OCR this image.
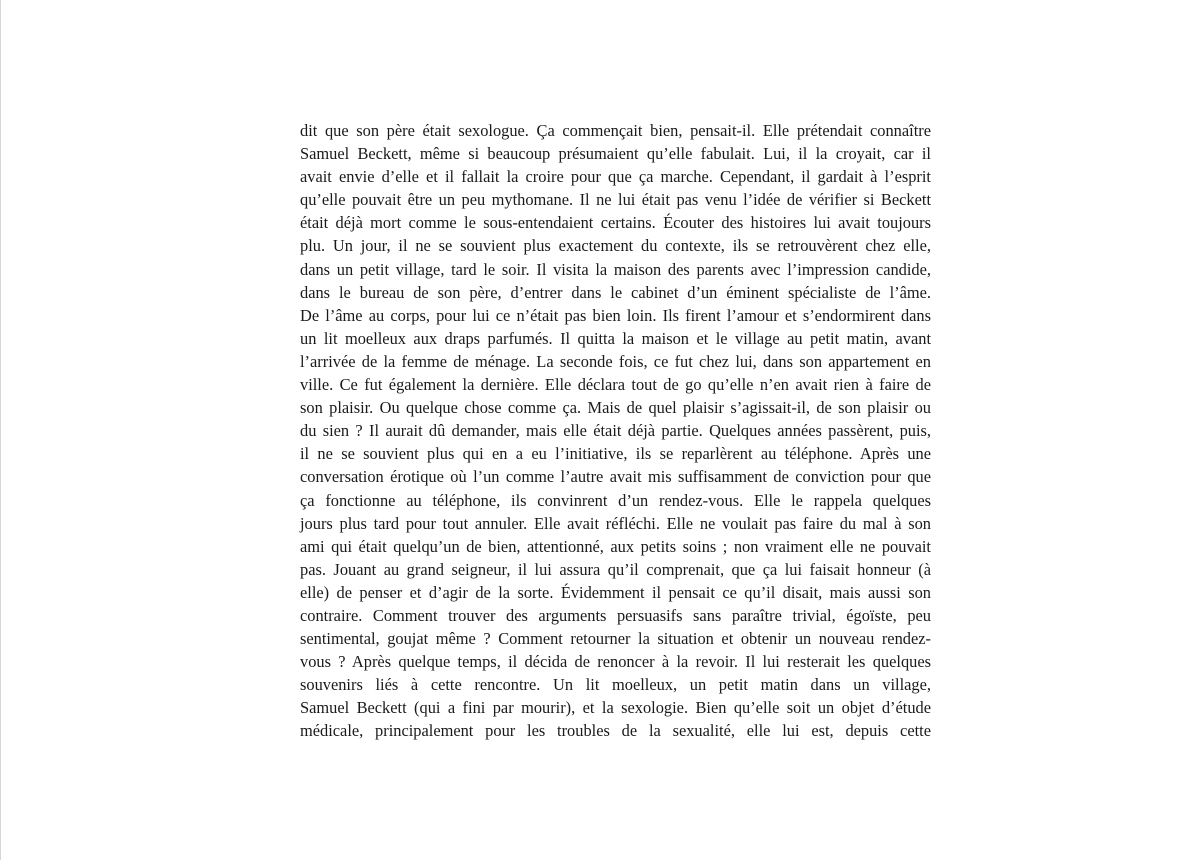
dit que son père était sexologue. Ça commençait bien, pensait-il. Elle prétendait connaître
Samuel Beckett, même si beaucoup présumaient qu’elle fabulait. Lui, il la croyait, car il
avait envie d’elle et il fallait la croire pour que ça marche. Cependant, il gardait à l’esprit
qu’elle pouvait être un peu mythomane. Il ne lui était pas venu l’idée de vérifier si Beckett
était déjà mort comme le sous-entendaient certains. Écouter des histoires lui avait toujours
plu. Un jour, il ne se souvient plus exactement du contexte, ils se retrouvèrent chez elle,
dans un petit village, tard le soir. Il visita la maison des parents avec l’impression candide,
dans le bureau de son père, d’entrer dans le cabinet d’un éminent spécialiste de l’âme.
De l’âme au corps, pour lui ce n’était pas bien loin. Ils firent l’amour et s’endormirent dans
un lit moelleux aux draps parfumés. Il quitta la maison et le village au petit matin, avant
l’arrivée de la femme de ménage. La seconde fois, ce fut chez lui, dans son appartement en
ville. Ce fut également la dernière. Elle déclara tout de go qu’elle n’en avait rien à faire de
son plaisir. Ou quelque chose comme ça. Mais de quel plaisir s’agissait-il, de son plaisir ou
du sien ? Il aurait dû demander, mais elle était déjà partie. Quelques années passèrent, puis,
il ne se souvient plus qui en a eu l’initiative, ils se reparlèrent au téléphone. Après une
conversation érotique où l’un comme l’autre avait mis suffisamment de conviction pour que
ça fonctionne au téléphone, ils convinrent d’un rendez-vous. Elle le rappela quelques
jours plus tard pour tout annuler. Elle avait réfléchi. Elle ne voulait pas faire du mal à son
ami qui était quelqu’un de bien, attentionné, aux petits soins ; non vraiment elle ne pouvait
pas. Jouant au grand seigneur, il lui assura qu’il comprenait, que ça lui faisait honneur (à
elle) de penser et d’agir de la sorte. Évidemment il pensait ce qu’il disait, mais aussi son
contraire. Comment trouver des arguments persuasifs sans paraître trivial, égoïste, peu
sentimental, goujat même ? Comment retourner la situation et obtenir un nouveau rendez-
vous ? Après quelque temps, il décida de renoncer à la revoir. Il lui resterait les quelques
souvenirs liés à cette rencontre. Un lit moelleux, un petit matin dans un village,
Samuel Beckett (qui a fini par mourir), et la sexologie. Bien qu’elle soit un objet d’étude
médicale, principalement pour les troubles de la sexualité, elle lui est, depuis cette
